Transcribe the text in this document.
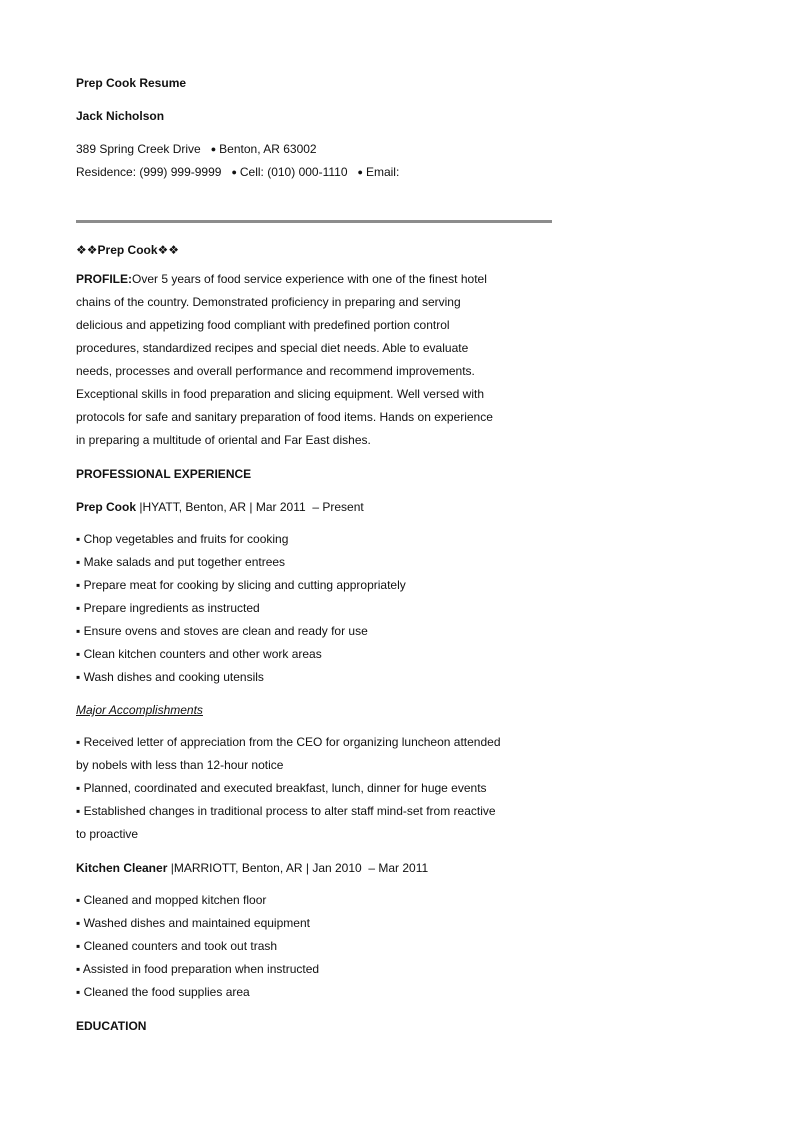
Prep Cook Resume
Jack Nicholson
389 Spring Creek Drive ● Benton, AR 63002
Residence: (999) 999-9999 ● Cell: (010) 000-1110 ● Email:
❖❖Prep Cook❖❖

PROFILE:Over 5 years of food service experience with one of the finest hotel

chains of the country. Demonstrated proficiency in preparing and serving

delicious and appetizing food compliant with predefined portion control

procedures, standardized recipes and special diet needs. Able to evaluate

needs, processes and overall performance and recommend improvements.

Exceptional skills in food preparation and slicing equipment. Well versed with

protocols for safe and sanitary preparation of food items. Hands on experience

in preparing a multitude of oriental and Far East dishes.

PROFESSIONAL EXPERIENCE
Prep Cook |HYATT, Benton, AR | Mar 2011 – Present

▪ Chop vegetables and fruits for cooking

▪ Make salads and put together entrees

▪ Prepare meat for cooking by slicing and cutting appropriately

▪ Prepare ingredients as instructed

▪ Ensure ovens and stoves are clean and ready for use

▪ Clean kitchen counters and other work areas

▪ Wash dishes and cooking utensils

Major Accomplishments

▪ Received letter of appreciation from the CEO for organizing luncheon attended

by nobels with less than 12-hour notice

▪ Planned, coordinated and executed breakfast, lunch, dinner for huge events

▪ Established changes in traditional process to alter staff mind-set from reactive

to proactive

Kitchen Cleaner |MARRIOTT, Benton, AR | Jan 2010 – Mar 2011

▪ Cleaned and mopped kitchen floor

▪ Washed dishes and maintained equipment

▪ Cleaned counters and took out trash

▪ Assisted in food preparation when instructed

▪ Cleaned the food supplies area

EDUCATION
